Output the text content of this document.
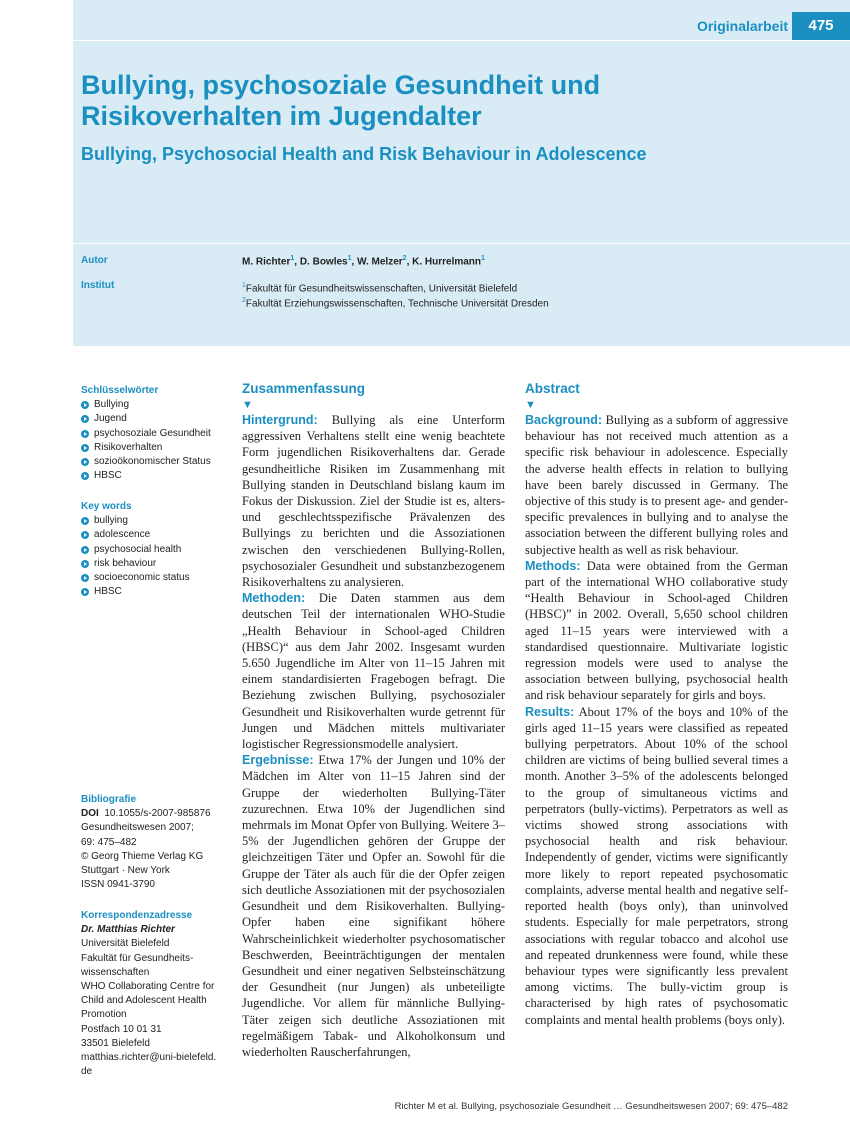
Originalarbeit	475
Bullying, psychosoziale Gesundheit und Risikoverhalten im Jugendalter
Bullying, Psychosocial Health and Risk Behaviour in Adolescence
Autor	M. Richter$^1$, D. Bowles$^1$, W. Melzer$^2$, K. Hurrelmann$^1$
Institut	$^1$Fakultät für Gesundheitswissenschaften, Universität Bielefeld
$^2$Fakultät Erziehungswissenschaften, Technische Universität Dresden
Schlüsselwörter
Bullying
Jugend
psychosoziale Gesundheit
Risikoverhalten
sozioökonomischer Status
HBSC
Key words
bullying
adolescence
psychosocial health
risk behaviour
socioeconomic status
HBSC
Bibliografie

DOI 10.1055/s-2007-985876

Gesundheitswesen 2007;
69: 475–482
© Georg Thieme Verlag KG
Stuttgart · New York
ISSN 0941-3790
Korrespondenzadresse

Dr. Matthias Richter

Universität Bielefeld
Fakultät für Gesundheits-
wissenschaften
WHO Collaborating Centre for
Child and Adolescent Health
Promotion
Postfach 10 01 31
33501 Bielefeld
matthias.richter@uni-bielefeld.
de
Zusammenfassung
▼

Hintergrund: Bullying als eine Unterform aggressiven Verhaltens stellt eine wenig beachtete Form jugendlichen Risikoverhaltens dar. Gerade gesundheitliche Risiken im Zusammenhang mit Bullying standen in Deutschland bislang kaum im Fokus der Diskussion. Ziel der Studie ist es, alters- und geschlechtsspezifische Prävalenzen des Bullyings zu berichten und die Assoziationen zwischen den verschiedenen Bullying-Rollen, psychosozialer Gesundheit und substanzbezogenem Risikoverhaltens zu analysieren.

Methoden: Die Daten stammen aus dem deutschen Teil der internationalen WHO-Studie „Health Behaviour in School-aged Children (HBSC)“ aus dem Jahr 2002. Insgesamt wurden 5.650 Jugendliche im Alter von 11–15 Jahren mit einem standardisierten Fragebogen befragt. Die Beziehung zwischen Bullying, psychosozialer Gesundheit und Risikoverhalten wurde getrennt für Jungen und Mädchen mittels multivariater logistischer Regressionsmodelle analysiert.

Ergebnisse: Etwa 17% der Jungen und 10% der Mädchen im Alter von 11–15 Jahren sind der Gruppe der wiederholten Bullying-Täter zuzurechnen. Etwa 10% der Jugendlichen sind mehrmals im Monat Opfer von Bullying. Weitere 3–5% der Jugendlichen gehören der Gruppe der gleichzeitigen Täter und Opfer an. Sowohl für die Gruppe der Täter als auch für die der Opfer zeigen sich deutliche Assoziationen mit der psychosozialen Gesundheit und dem Risikoverhalten. Bullying-Opfer haben eine signifikant höhere Wahrscheinlichkeit wiederholter psychosomatischer Beschwerden, Beeinträchtigungen der mentalen Gesundheit und einer negativen Selbsteinschätzung der Gesundheit (nur Jungen) als unbeteiligte Jugendliche. Vor allem für männliche Bullying-Täter zeigen sich deutliche Assoziationen mit regelmäßigem Tabak- und Alkoholkonsum und wiederholten Rauscherfahrungen,

Abstract
▼

Background: Bullying as a subform of aggressive behaviour has not received much attention as a specific risk behaviour in adolescence. Especially the adverse health effects in relation to bullying have been barely discussed in Germany. The objective of this study is to present age- and gender-specific prevalences in bullying and to analyse the association between the different bullying roles and subjective health as well as risk behaviour.

Methods: Data were obtained from the German part of the international WHO collaborative study “Health Behaviour in School-aged Children (HBSC)” in 2002. Overall, 5,650 school children aged 11–15 years were interviewed with a standardised questionnaire. Multivariate logistic regression models were used to analyse the association between bullying, psychosocial health and risk behaviour separately for girls and boys.

Results: About 17% of the boys and 10% of the girls aged 11–15 years were classified as repeated bullying perpetrators. About 10% of the school children are victims of being bullied several times a month. Another 3–5% of the adolescents belonged to the group of simultaneous victims and perpetrators (bully-victims). Perpetrators as well as victims showed strong associations with psychosocial health and risk behaviour. Independently of gender, victims were significantly more likely to report repeated psychosomatic complaints, adverse mental health and negative self-reported health (boys only), than uninvolved students. Especially for male perpetrators, strong associations with regular tobacco and alcohol use and repeated drunkenness were found, while these behaviour types were significantly less prevalent among victims. The bully-victim group is characterised by high rates of psychosomatic complaints and mental health problems (boys only).

Richter M et al. Bullying, psychosoziale Gesundheit … Gesundheitswesen 2007; 69: 475–482
